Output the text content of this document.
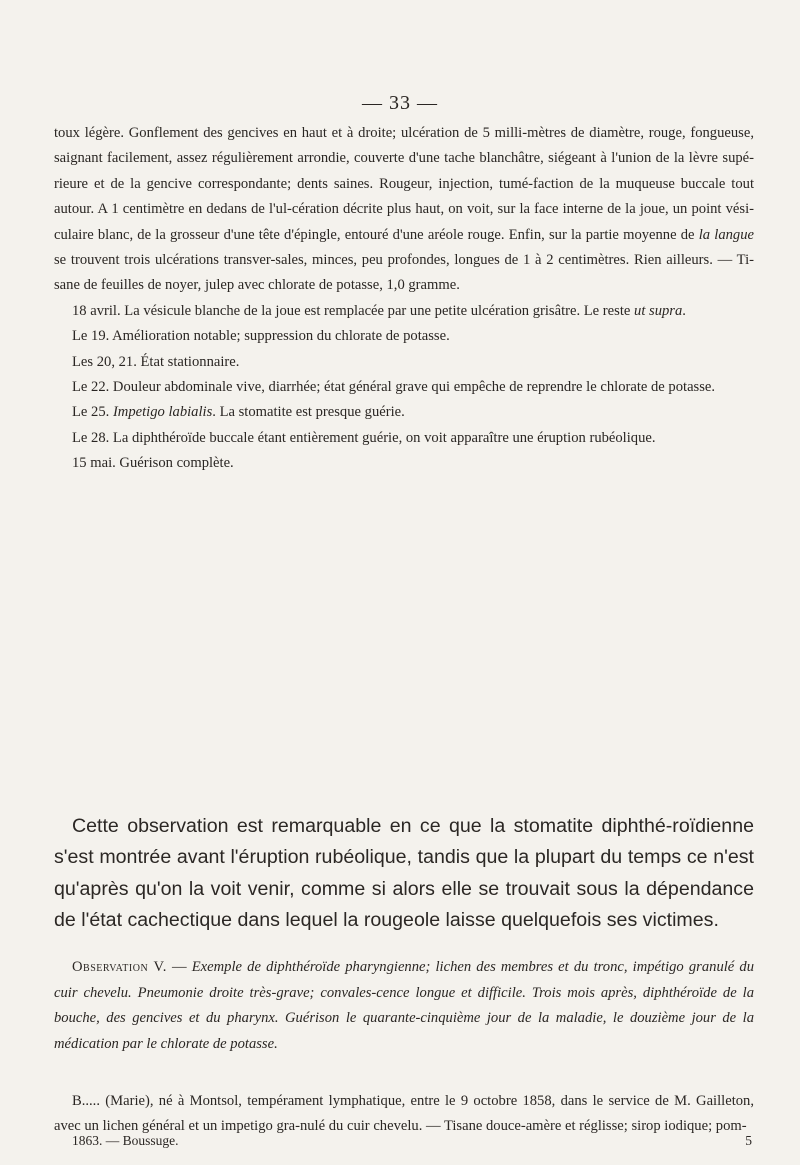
— 33 —

toux légère. Gonflement des gencives en haut et à droite; ulcération de 5 milli-mètres de diamètre, rouge, fongueuse, saignant facilement, assez régulièrement arrondie, couverte d'une tache blanchâtre, siégeant à l'union de la lèvre supé-rieure et de la gencive correspondante; dents saines. Rougeur, injection, tumé-faction de la muqueuse buccale tout autour. A 1 centimètre en dedans de l'ul-cération décrite plus haut, on voit, sur la face interne de la joue, un point vési-culaire blanc, de la grosseur d'une tête d'épingle, entouré d'une aréole rouge. Enfin, sur la partie moyenne de la langue se trouvent trois ulcérations transver-sales, minces, peu profondes, longues de 1 à 2 centimètres. Rien ailleurs. — Ti-sane de feuilles de noyer, julep avec chlorate de potasse, 1,0 gramme.

18 avril. La vésicule blanche de la joue est remplacée par une petite ulcération grisâtre. Le reste ut supra.

Le 19. Amélioration notable; suppression du chlorate de potasse.

Les 20, 21. État stationnaire.

Le 22. Douleur abdominale vive, diarrhée; état général grave qui empêche de reprendre le chlorate de potasse.

Le 25. Impetigo labialis. La stomatite est presque guérie.

Le 28. La diphthéroïde buccale étant entièrement guérie, on voit apparaître une éruption rubéolique.

15 mai. Guérison complète.

Cette observation est remarquable en ce que la stomatite diphthé-roïdienne s'est montrée avant l'éruption rubéolique, tandis que la plupart du temps ce n'est qu'après qu'on la voit venir, comme si alors elle se trouvait sous la dépendance de l'état cachectique dans lequel la rougeole laisse quelquefois ses victimes.

Observation V. — Exemple de diphthéroïde pharyngienne; lichen des membres et du tronc, impétigo granulé du cuir chevelu. Pneumonie droite très-grave; convales-cence longue et difficile. Trois mois après, diphthéroïde de la bouche, des gencives et du pharynx. Guérison le quarante-cinquième jour de la maladie, le douzième jour de la médication par le chlorate de potasse.

B..... (Marie), né à Montsol, tempérament lymphatique, entre le 9 octobre 1858, dans le service de M. Gailleton, avec un lichen général et un impetigo gra-nulé du cuir chevelu. — Tisane douce-amère et réglisse; sirop iodique; pom-

1863. — Boussuge.	5
